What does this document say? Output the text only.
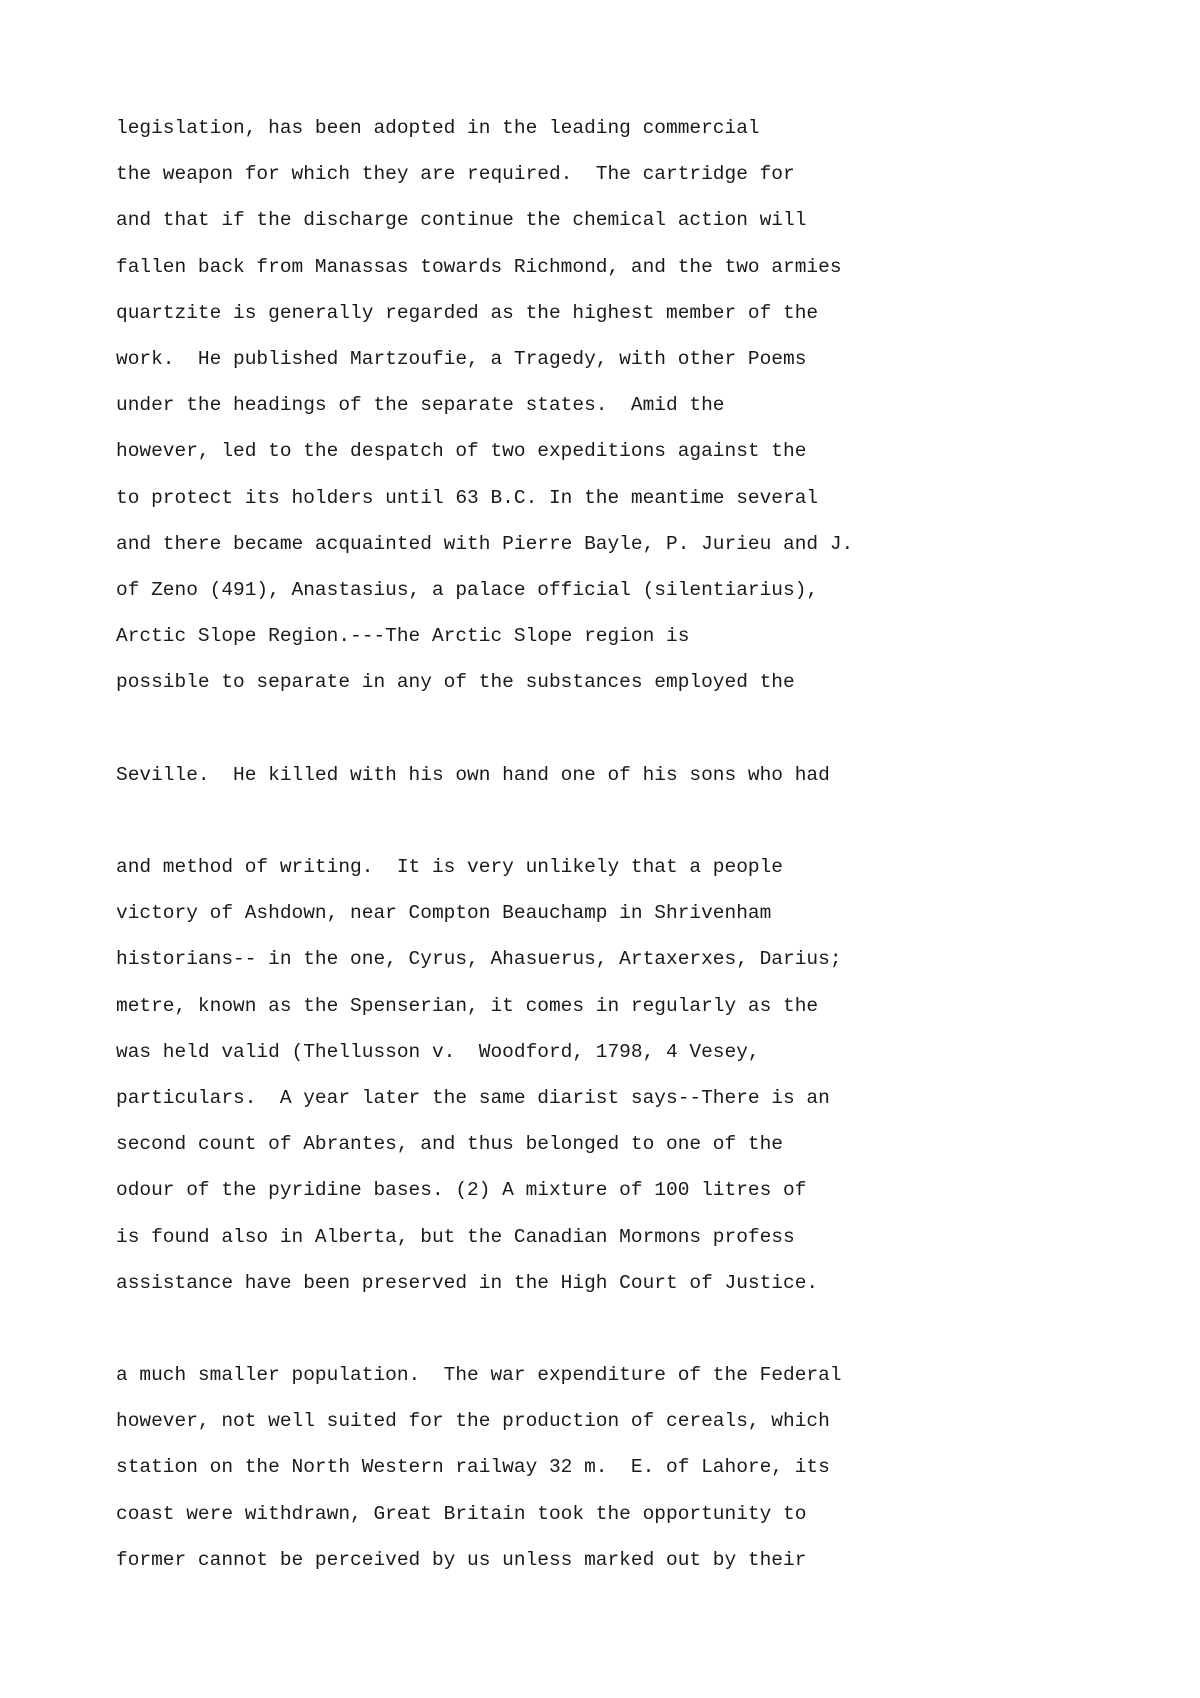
legislation, has been adopted in the leading commercial
the weapon for which they are required.  The cartridge for
and that if the discharge continue the chemical action will
fallen back from Manassas towards Richmond, and the two armies
quartzite is generally regarded as the highest member of the
work.  He published Martzoufie, a Tragedy, with other Poems
under the headings of the separate states.  Amid the
however, led to the despatch of two expeditions against the
to protect its holders until 63 B.C. In the meantime several
and there became acquainted with Pierre Bayle, P. Jurieu and J.
of Zeno (491), Anastasius, a palace official (silentiarius),
Arctic Slope Region.---The Arctic Slope region is
possible to separate in any of the substances employed the
Seville.  He killed with his own hand one of his sons who had
and method of writing.  It is very unlikely that a people
victory of Ashdown, near Compton Beauchamp in Shrivenham
historians-- in the one, Cyrus, Ahasuerus, Artaxerxes, Darius;
metre, known as the Spenserian, it comes in regularly as the
was held valid (Thellusson v.  Woodford, 1798, 4 Vesey,
particulars.  A year later the same diarist says--There is an
second count of Abrantes, and thus belonged to one of the
odour of the pyridine bases. (2) A mixture of 100 litres of
is found also in Alberta, but the Canadian Mormons profess
assistance have been preserved in the High Court of Justice.
a much smaller population.  The war expenditure of the Federal
however, not well suited for the production of cereals, which
station on the North Western railway 32 m.  E. of Lahore, its
coast were withdrawn, Great Britain took the opportunity to
former cannot be perceived by us unless marked out by their
